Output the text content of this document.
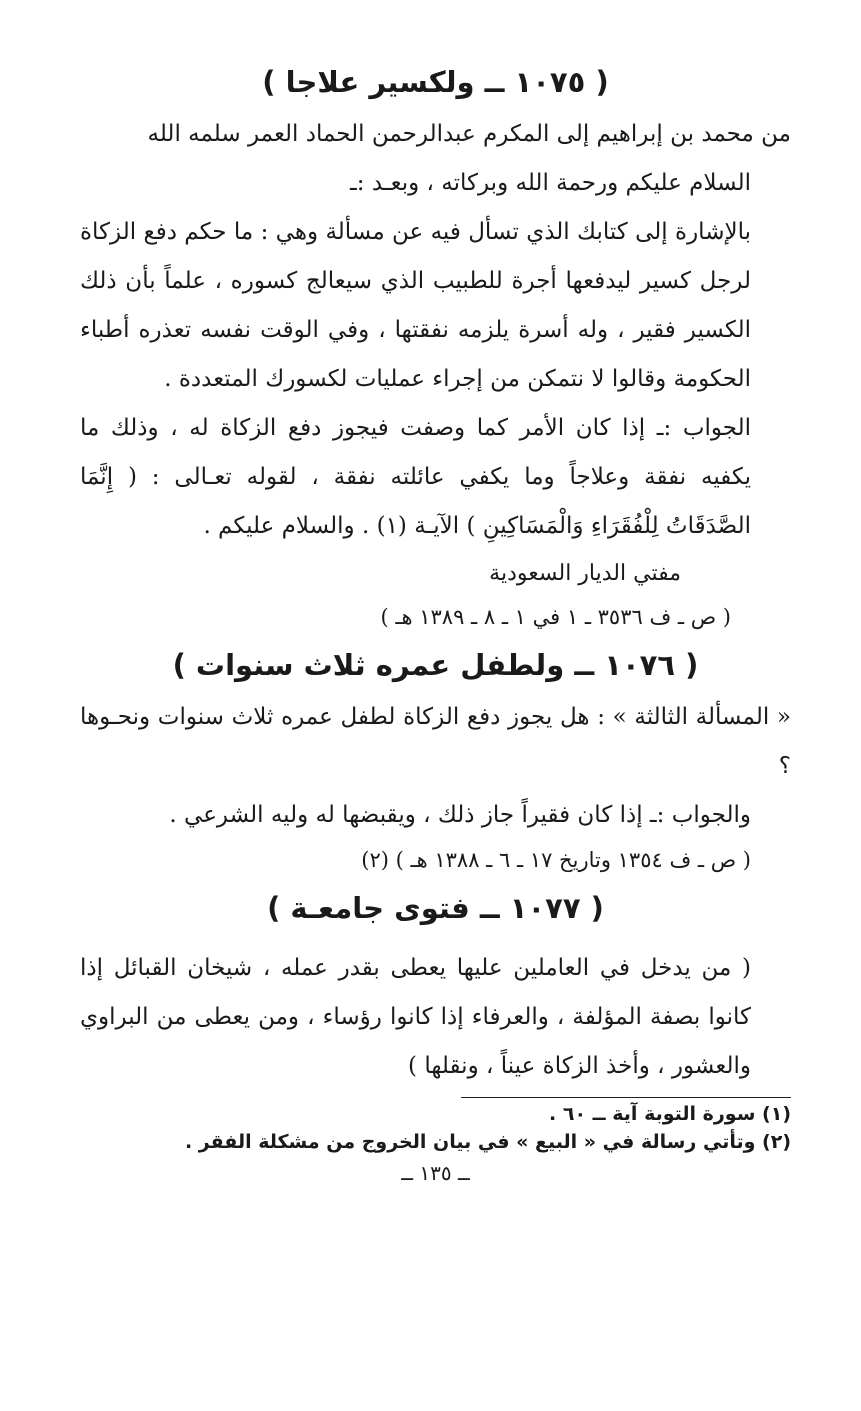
( ١٠٧٥ ــ ولكسير علاجا )

من محمد بن إبراهيم إلى المكرم عبدالرحمن الحماد العمر سلمه الله

السلام عليكم ورحمة الله وبركاته ، وبعـد :ـ

بالإشارة إلى كتابك الذي تسأل فيه عن مسألة وهي : ما حكم دفع الزكاة لرجل كسير ليدفعها أجرة للطبيب الذي سيعالج كسوره ، علماً بأن ذلك الكسير فقير ، وله أسرة يلزمه نفقتها ، وفي الوقت نفسه تعذره أطباء الحكومة وقالوا لا نتمكن من إجراء عمليات لكسورك المتعددة .

الجواب :ـ إذا كان الأمر كما وصفت فيجوز دفع الزكاة له ، وذلك ما يكفيه نفقة وعلاجاً وما يكفي عائلته نفقة ، لقوله تعـالى : ( إِنَّمَا الصَّدَقَاتُ لِلْفُقَرَاءِ وَالْمَسَاكِينِ ) الآيـة (١) . والسلام عليكم .

مفتي الديار السعودية

( ص ـ ف ٣٥٣٦ ـ ١ في ١ ـ ٨ ـ ١٣٨٩ هـ )

( ١٠٧٦ ــ ولطفل عمره ثلاث سنوات )

« المسألة الثالثة » : هل يجوز دفع الزكاة لطفل عمره ثلاث سنوات ونحـوها ؟

والجواب :ـ إذا كان فقيراً جاز ذلك ، ويقبضها له وليه الشرعي .

( ص ـ ف ١٣٥٤ وتاريخ ١٧ ـ ٦ ـ ١٣٨٨ هـ ) (٢)

( ١٠٧٧ ــ فتوى جامعـة )

( من يدخل في العاملين عليها يعطى بقدر عمله ، شيخان القبائل إذا كانوا بصفة المؤلفة ، والعرفاء إذا كانوا رؤساء ، ومن يعطى من البراوي والعشور ، وأخذ الزكاة عيناً ، ونقلها )

(١) سورة التوبة آية ــ ٦٠ .

(٢) وتأتي رسالة في « البيع » في بيان الخروج من مشكلة الفقر .

ــ ١٣٥ ــ
